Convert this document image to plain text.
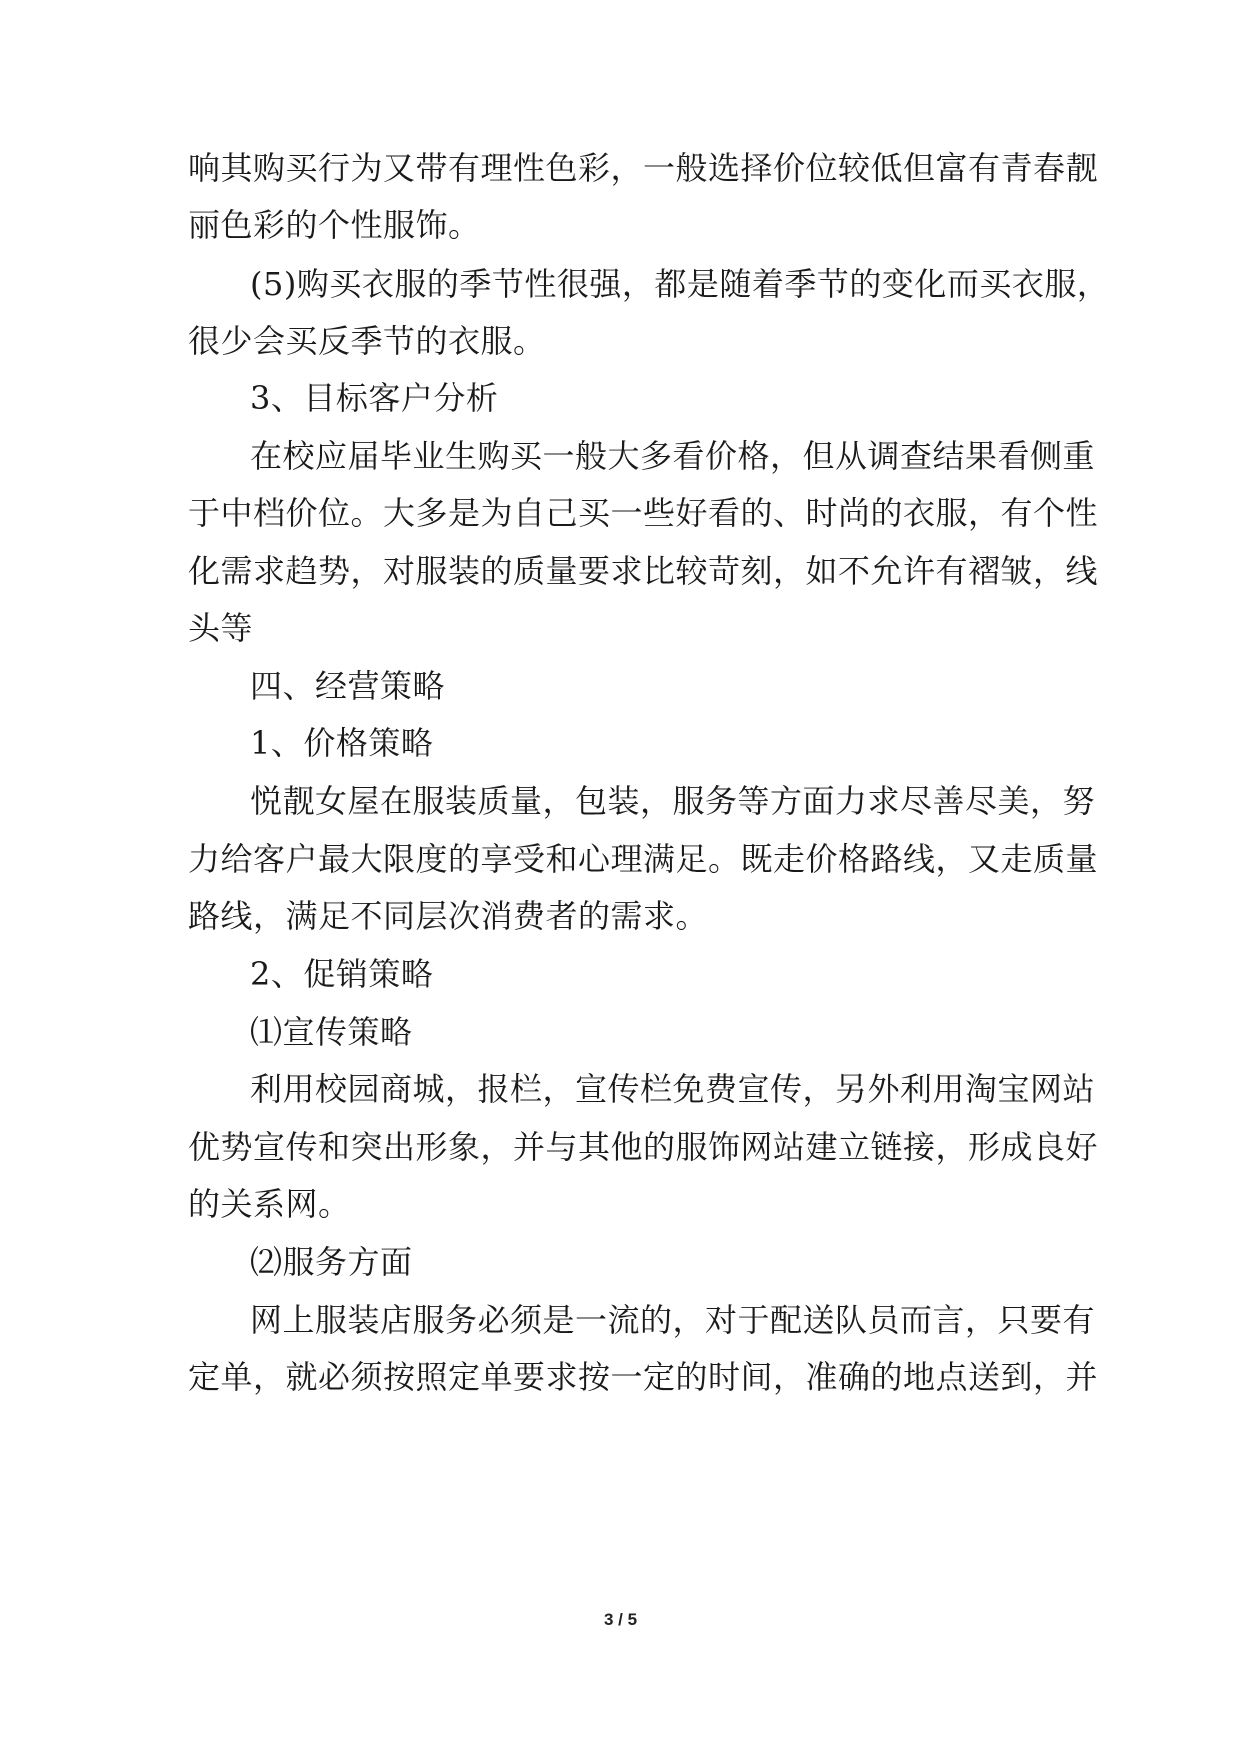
响其购买行为又带有理性色彩，一般选择价位较低但富有青春靓
丽色彩的个性服饰。
(5)购买衣服的季节性很强，都是随着季节的变化而买衣服，
很少会买反季节的衣服。
3、目标客户分析
在校应届毕业生购买一般大多看价格，但从调查结果看侧重
于中档价位。大多是为自己买一些好看的、时尚的衣服，有个性
化需求趋势，对服装的质量要求比较苛刻，如不允许有褶皱，线
头等
四、经营策略
1、价格策略
悦靓女屋在服装质量，包装，服务等方面力求尽善尽美，努
力给客户最大限度的享受和心理满足。既走价格路线，又走质量
路线，满足不同层次消费者的需求。
2、促销策略
⑴宣传策略
利用校园商城，报栏，宣传栏免费宣传，另外利用淘宝网站
优势宣传和突出形象，并与其他的服饰网站建立链接，形成良好
的关系网。
⑵服务方面
网上服装店服务必须是一流的，对于配送队员而言，只要有
定单，就必须按照定单要求按一定的时间，准确的地点送到，并
3 / 5
